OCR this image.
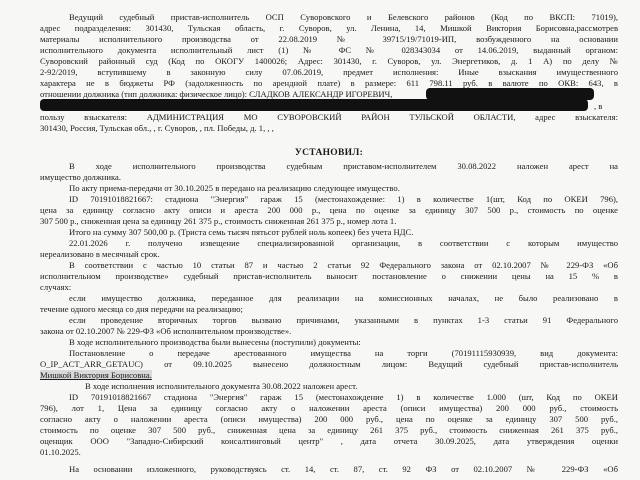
Ведущий судебный пристав-исполнитель ОСП Суворовского и Белевского районов (Код по ВКСП: 71019),
адрес подразделения: 301430, Тульская область, г. Суворов, ул. Ленина, 14, Мишкой Виктория Борисовна,рассмотрев
материалы исполнительного производства от 22.08.2019 № 39715/19/71019-ИП, возбужденного на основании
исполнительного документа исполнительный лист (1) № ФС № 028343034 от 14.06.2019, выданный органом:
Суворовский районный суд (Код по ОКОГУ 1400026; Адрес: 301430, г. Суворов, ул. Энергетиков, д. 1 А) по делу №
2-92/2019, вступившему в законную силу 07.06.2019, предмет исполнения: Иные взыскания имущественного
характера не в бюджеты РФ (задолженность по арендной плате) в размере: 611 798.11 руб. в валюте по ОКВ: 643, в
отношении должника (тип должника: физическое лицо): СЛАДКОВ АЛЕКСАНДР ИГОРЕВИЧ,
, в
пользу взыскателя: АДМИНИСТРАЦИЯ МО СУВОРОВСКИЙ РАЙОН ТУЛЬСКОЙ ОБЛАСТИ, адрес взыскателя:
301430, Россия, Тульская обл., , г. Суворов, , пл. Победы, д. 1, , ,
УСТАНОВИЛ:
В ходе исполнительного производства судебным приставом-исполнителем 30.08.2022 наложен арест на
имущество должника.
По акту приема-передачи от 30.10.2025 в передано на реализацию следующее имущество.
ID 70191018821667: стадиона "Энергия" гараж 15 (местонахождение: 1) в количестве 1(шт, Код по ОКЕИ 796),
цена за единицу согласно акту описи и ареста 200 000 р., цена по оценке за единицу 307 500 р., стоимость по оценке
307 500 р., сниженная цена за единицу 261 375 р., стоимость сниженная 261 375 р., номер лота 1.
Итого на сумму 307 500,00 р. (Триста семь тысяч пятьсот рублей ноль копеек) без учета НДС.
22.01.2026 г. получено извещение специализированной организации, в соответствии с которым имущество
нереализовано в месячный срок.
В соответствии с частью 10 статьи 87 и частью 2 статьи 92 Федерального закона от 02.10.2007 № 229-ФЗ «Об
исполнительном производстве» судебный пристав-исполнитель выносит постановление о снижении цены на 15 % в
случаях:
если имущество должника, переданное для реализации на комиссионных началах, не было реализовано в
течение одного месяца со дня передачи на реализацию;
если проведение вторичных торгов вызвано причинами, указанными в пунктах 1-3 статьи 91 Федерального
закона от 02.10.2007 № 229-ФЗ «Об исполнительном производстве».
В ходе исполнительного производства были вынесены (поступили) документы:
Постановление о передаче арестованного имущества на торги (70191115930939, вид документа:
O_IP_ACT_ARR_GETAUC) от 09.10.2025 вынесено должностным лицом: Ведущий судебный пристав-исполнитель
Мишкой Виктория Борисовна.
В ходе исполнения исполнительного документа 30.08.2022 наложен арест.
ID 70191018821667 стадиона "Энергия" гараж 15 (местонахождение 1) в количестве 1.000 (шт, Код по ОКЕИ
796), лот 1, Цена за единицу согласно акту о наложении ареста (описи имущества) 200 000 руб., стоимость
согласно акту о наложении ареста (описи имущества) 200 000 руб., цена по оценке за единицу 307 500 руб.,
стоимость по оценке 307 500 руб., сниженная цена за единицу 261 375 руб., стоимость сниженная 261 375 руб.,
оценщик ООО "Западно-Сибирский консалтинговый центр" , дата отчета 30.09.2025, дата утверждения оценки
01.10.2025.
На основании изложенного, руководствуясь ст. 14, ст. 87, ст. 92 ФЗ от 02.10.2007 № 229-ФЗ «Об
